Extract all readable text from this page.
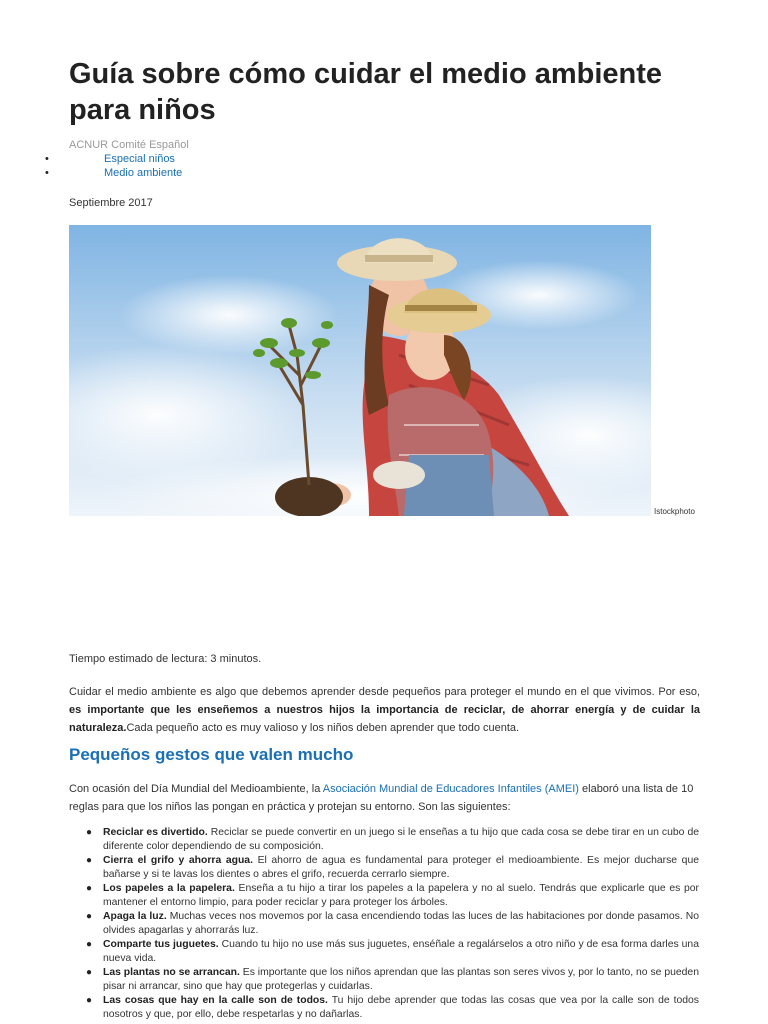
Guía sobre cómo cuidar el medio ambiente para niños
ACNUR Comité Español
•	Especial niños
•	Medio ambiente
Septiembre 2017
Istockphoto
Tiempo estimado de lectura: 3 minutos.

Cuidar el medio ambiente es algo que debemos aprender desde pequeños para proteger el mundo en el que vivimos. Por eso, es importante que les enseñemos a nuestros hijos la importancia de reciclar, de ahorrar energía y de cuidar la naturaleza.Cada pequeño acto es muy valioso y los niños deben aprender que todo cuenta.

Pequeños gestos que valen mucho

Con ocasión del Día Mundial del Medioambiente, la Asociación Mundial de Educadores Infantiles (AMEI) elaboró una lista de 10 reglas para que los niños las pongan en práctica y protejan su entorno. Son las siguientes:

● Reciclar es divertido. Reciclar se puede convertir en un juego si le enseñas a tu hijo que cada cosa se debe tirar en un cubo de diferente color dependiendo de su composición.
● Cierra el grifo y ahorra agua. El ahorro de agua es fundamental para proteger el medioambiente. Es mejor ducharse que bañarse y si te lavas los dientes o abres el grifo, recuerda cerrarlo siempre.
● Los papeles a la papelera. Enseña a tu hijo a tirar los papeles a la papelera y no al suelo. Tendrás que explicarle que es por mantener el entorno limpio, para poder reciclar y para proteger los árboles.
● Apaga la luz. Muchas veces nos movemos por la casa encendiendo todas las luces de las habitaciones por donde pasamos. No olvides apagarlas y ahorrarás luz.
● Comparte tus juguetes. Cuando tu hijo no use más sus juguetes, enséñale a regalárselos a otro niño y de esa forma darles una nueva vida.
● Las plantas no se arrancan. Es importante que los niños aprendan que las plantas son seres vivos y, por lo tanto, no se pueden pisar ni arrancar, sino que hay que protegerlas y cuidarlas.
● Las cosas que hay en la calle son de todos. Tu hijo debe aprender que todas las cosas que vea por la calle son de todos nosotros y que, por ello, debe respetarlas y no dañarlas.
